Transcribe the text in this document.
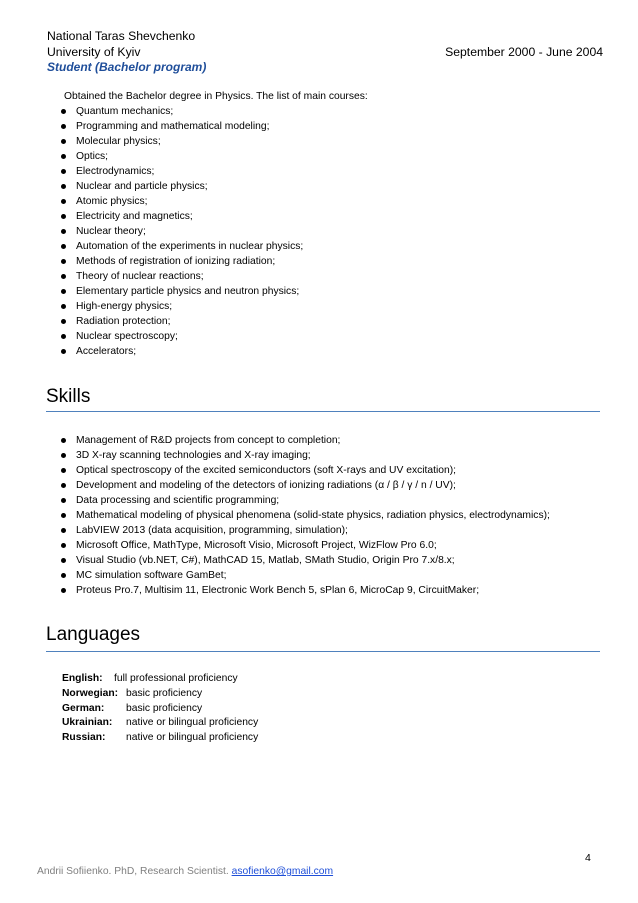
National Taras Shevchenko
University of Kyiv	September 2000 - June 2004
Student (Bachelor program)
Obtained the Bachelor degree in Physics. The list of main courses:
Quantum mechanics;
Programming and mathematical modeling;
Molecular physics;
Optics;
Electrodynamics;
Nuclear and particle physics;
Atomic physics;
Electricity and magnetics;
Nuclear theory;
Automation of the experiments in nuclear physics;
Methods of registration of ionizing radiation;
Theory of nuclear reactions;
Elementary particle physics and neutron physics;
High-energy physics;
Radiation protection;
Nuclear spectroscopy;
Accelerators;
Skills
Management of R&D projects from concept to completion;
3D X-ray scanning technologies and X-ray imaging;
Optical spectroscopy of the excited semiconductors (soft X-rays and UV excitation);
Development and modeling of the detectors of ionizing radiations (α / β / γ / n / UV);
Data processing and scientific programming;
Mathematical modeling of physical phenomena (solid-state physics, radiation physics, electrodynamics);
LabVIEW 2013 (data acquisition, programming, simulation);
Microsoft Office, MathType, Microsoft Visio, Microsoft Project, WizFlow Pro 6.0;
Visual Studio (vb.NET, C#), MathCAD 15, Matlab, SMath Studio, Origin Pro 7.x/8.x;
MC simulation software GamBet;
Proteus Pro.7, Multisim 11, Electronic Work Bench 5, sPlan 6, MicroCap 9, CircuitMaker;
Languages
English: full professional proficiency
Norwegian: basic proficiency
German: basic proficiency
Ukrainian: native or bilingual proficiency
Russian: native or bilingual proficiency
4
Andrii Sofiienko. PhD, Research Scientist. asofienko@gmail.com
